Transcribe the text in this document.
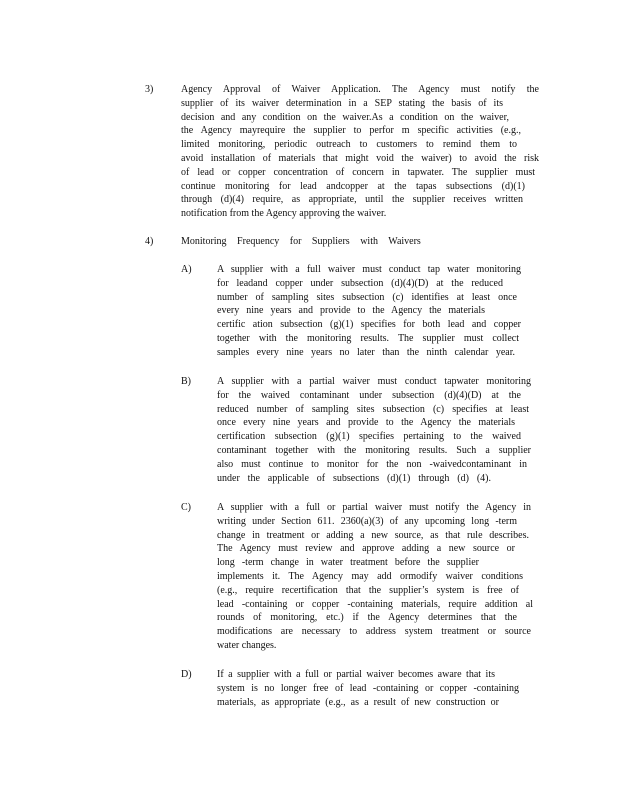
3)	Agency Approval of Waiver Application. The Agency must notify the
supplier of its waiver determination in a SEP stating the basis of its
decision and any condition on the waiver.As a condition on the waiver,
the Agency mayrequire the supplier to perfor m specific activities (e.g.,
limited monitoring, periodic outreach to customers to remind them to
avoid installation of materials that might void the waiver) to avoid the risk
of lead or copper concentration of concern in tapwater. The supplier must
continue monitoring for lead andcopper at the tapas subsections (d)(1)
through (d)(4) require, as appropriate, until the supplier receives written
notification from the Agency approving the waiver.
4)	Monitoring Frequency for Suppliers with Waivers
A)	A supplier with a full waiver must conduct tap water monitoring
for leadand copper under subsection (d)(4)(D) at the reduced
number of sampling sites subsection (c) identifies at least once
every nine years and provide to the Agency the materials
certific ation subsection (g)(1) specifies for both lead and copper
together with the monitoring results. The supplier must collect
samples every nine years no later than the ninth calendar year.
B)	A supplier with a partial waiver must conduct tapwater monitoring
for the waived contaminant under subsection (d)(4)(D) at the
reduced number of sampling sites subsection (c) specifies at least
once every nine years and provide to the Agency the materials
certification subsection (g)(1) specifies pertaining to the waived
contaminant together with the monitoring results. Such a supplier
also must continue to monitor for the non -waivedcontaminant in
under the applicable of subsections (d)(1) through (d) (4).
C)	A supplier with a full or partial waiver must notify the Agency in
writing under Section 611. 2360(a)(3) of any upcoming long -term
change in treatment or adding a new source, as that rule describes.
The Agency must review and approve adding a new source or
long -term change in water treatment before the supplier
implements it. The Agency may add ormodify waiver conditions
(e.g., require recertification that the supplier’s system is free of
lead -containing or copper -containing materials, require addition al
rounds of monitoring, etc.) if the Agency determines that the
modifications are necessary to address system treatment or source
water changes.
D)	If a supplier with a full or partial waiver becomes aware that its
system is no longer free of lead -containing or copper -containing
materials, as appropriate (e.g., as a result of new construction or
